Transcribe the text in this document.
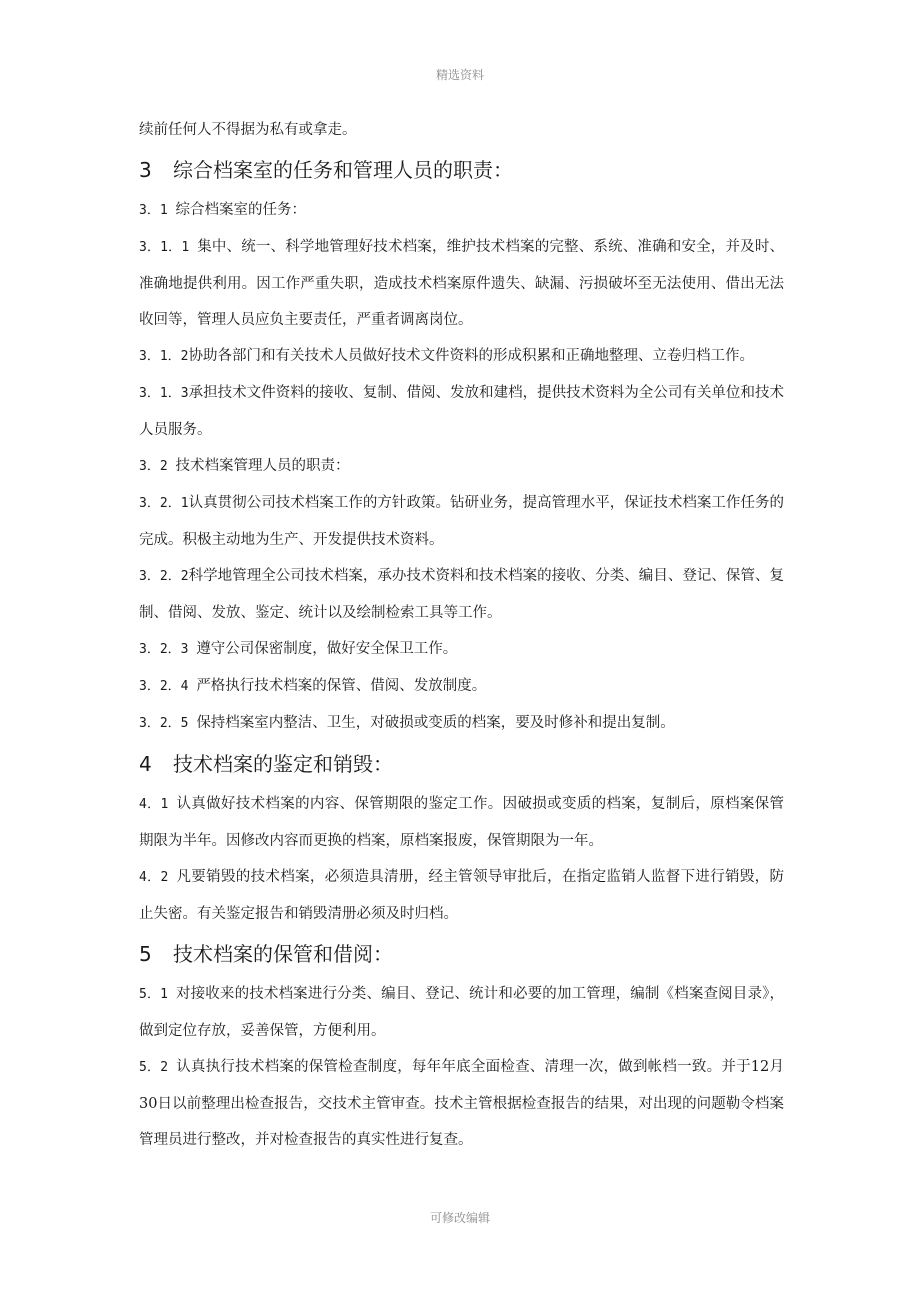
精选资料

续前任何人不得据为私有或拿走。

3 综合档案室的任务和管理人员的职责：

3．1 综合档案室的任务：

3．1．1 集中、统一、科学地管理好技术档案，维护技术档案的完整、系统、准确和安全，并及时、准确地提供利用。因工作严重失职，造成技术档案原件遗失、缺漏、污损破坏至无法使用、借出无法收回等，管理人员应负主要责任，严重者调离岗位。

3．1．2协助各部门和有关技术人员做好技术文件资料的形成积累和正确地整理、立卷归档工作。

3．1．3承担技术文件资料的接收、复制、借阅、发放和建档，提供技术资料为全公司有关单位和技术人员服务。

3．2 技术档案管理人员的职责：

3．2．1认真贯彻公司技术档案工作的方针政策。钻研业务，提高管理水平，保证技术档案工作任务的完成。积极主动地为生产、开发提供技术资料。

3．2．2科学地管理全公司技术档案，承办技术资料和技术档案的接收、分类、编目、登记、保管、复制、借阅、发放、鉴定、统计以及绘制检索工具等工作。

3．2．3 遵守公司保密制度，做好安全保卫工作。

3．2．4 严格执行技术档案的保管、借阅、发放制度。

3．2．5 保持档案室内整洁、卫生，对破损或变质的档案，要及时修补和提出复制。

4 技术档案的鉴定和销毁：

4．1 认真做好技术档案的内容、保管期限的鉴定工作。因破损或变质的档案，复制后，原档案保管期限为半年。因修改内容而更换的档案，原档案报废，保管期限为一年。

4．2 凡要销毁的技术档案，必须造具清册，经主管领导审批后，在指定监销人监督下进行销毁，防止失密。有关鉴定报告和销毁清册必须及时归档。

5 技术档案的保管和借阅：

5．1 对接收来的技术档案进行分类、编目、登记、统计和必要的加工管理，编制《档案查阅目录》，做到定位存放，妥善保管，方便利用。

5．2 认真执行技术档案的保管检查制度，每年年底全面检查、清理一次，做到帐档一致。并于12月30日以前整理出检查报告，交技术主管审查。技术主管根据检查报告的结果，对出现的问题勒令档案管理员进行整改，并对检查报告的真实性进行复查。

可修改编辑
